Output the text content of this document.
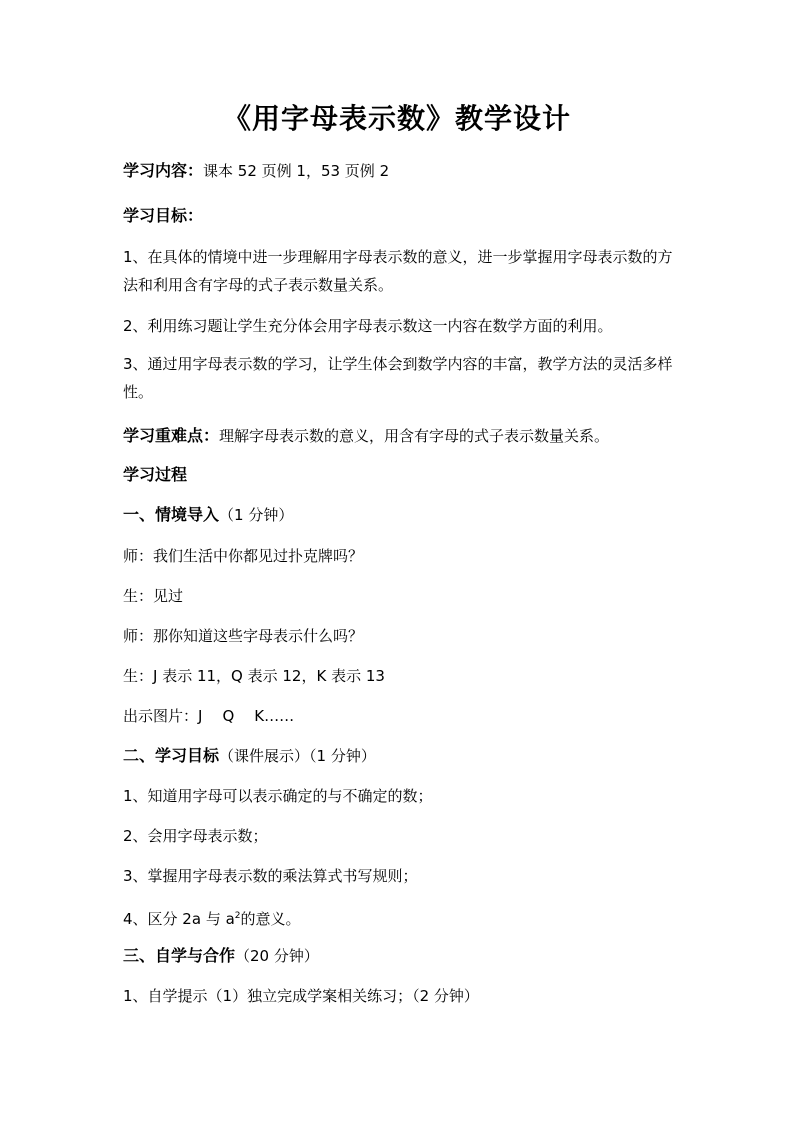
《用字母表示数》教学设计
学习内容：课本 52 页例 1，53 页例 2
学习目标：
1、在具体的情境中进一步理解用字母表示数的意义，进一步掌握用字母表示数的方法和利用含有字母的式子表示数量关系。
2、利用练习题让学生充分体会用字母表示数这一内容在数学方面的利用。
3、通过用字母表示数的学习，让学生体会到数学内容的丰富，教学方法的灵活多样性。
学习重难点：理解字母表示数的意义，用含有字母的式子表示数量关系。
学习过程
一、情境导入（1 分钟）
师：我们生活中你都见过扑克牌吗？
生：见过
师：那你知道这些字母表示什么吗？
生：J 表示 11，Q 表示 12，K 表示 13
出示图片：J Q K……
二、学习目标（课件展示）（1 分钟）
1、知道用字母可以表示确定的与不确定的数；
2、会用字母表示数；
3、掌握用字母表示数的乘法算式书写规则；
4、区分 2a 与 $a^2$的意义。
三、自学与合作（20 分钟）
1、自学提示（1）独立完成学案相关练习；（2 分钟）
